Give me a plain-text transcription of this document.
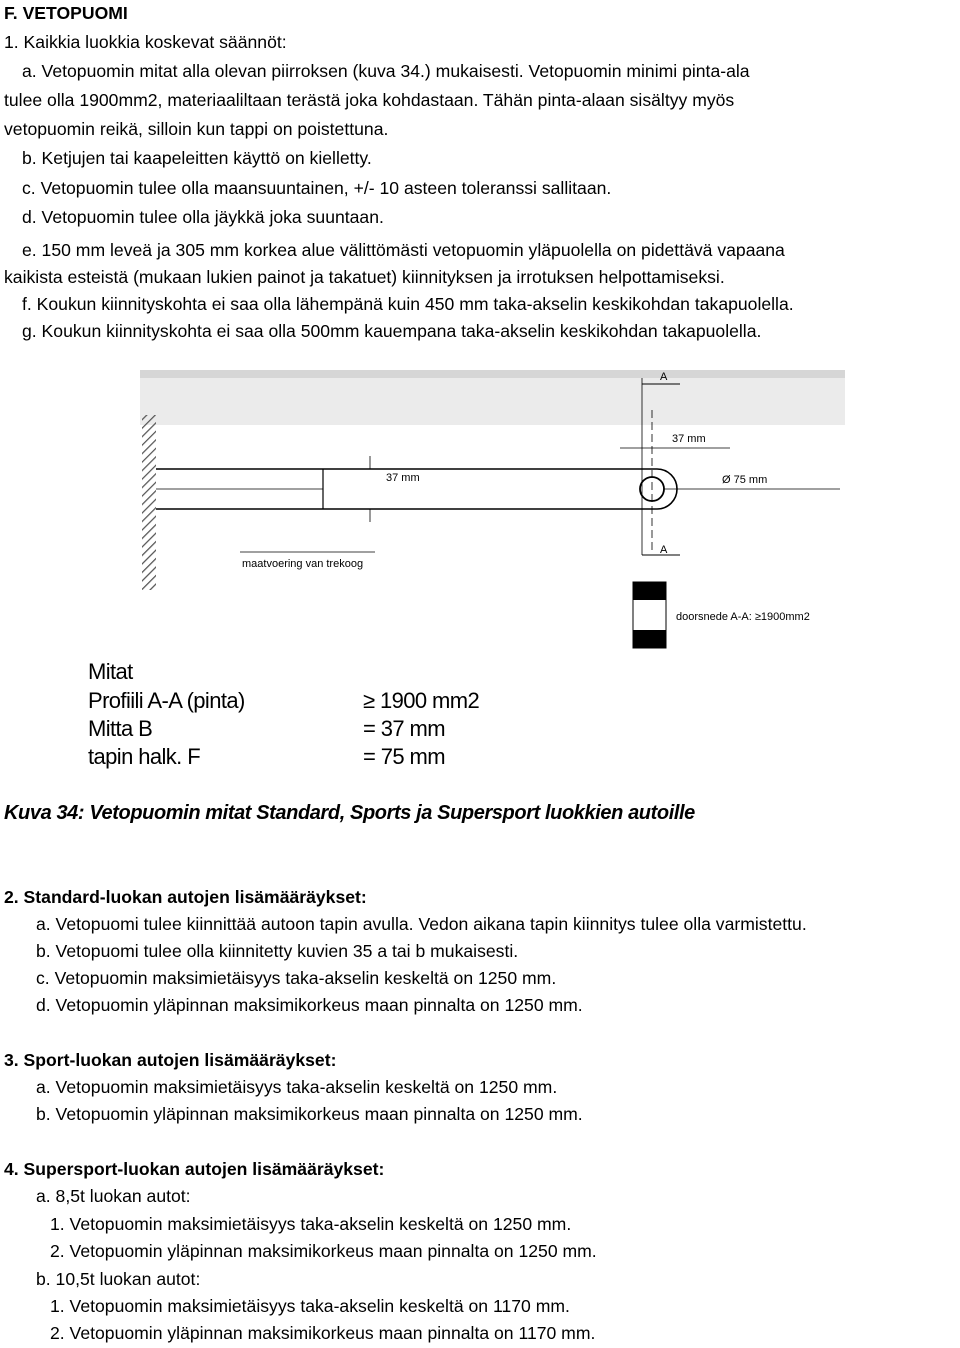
F. VETOPUOMI
1. Kaikkia luokkia koskevat säännöt:
a. Vetopuomin mitat alla olevan piirroksen (kuva 34.) mukaisesti. Vetopuomin minimi pinta-ala
tulee olla 1900mm2, materiaaliltaan terästä joka kohdastaan. Tähän pinta-alaan sisältyy myös
vetopuomin reikä, silloin kun tappi on poistettuna.
b. Ketjujen tai kaapeleitten käyttö on kielletty.
c. Vetopuomin tulee olla maansuuntainen, +/- 10 asteen toleranssi sallitaan.
d. Vetopuomin tulee olla jäykkä joka suuntaan.
e. 150 mm leveä ja 305 mm korkea alue välittömästi vetopuomin yläpuolella on pidettävä vapaana
kaikista esteistä (mukaan lukien painot ja takatuet) kiinnityksen ja irrotuksen helpottamiseksi.
f. Koukun kiinnityskohta ei saa olla lähempänä kuin 450 mm taka-akselin keskikohdan takapuolella.
g. Koukun kiinnityskohta ei saa olla 500mm kauempana taka-akselin keskikohdan takapuolella.
37 mm
A
A
37 mm
Ø 75 mm
maatvoering van trekoog
doorsnede A-A: ≥1900mm2
Mitat
Profiili A-A (pinta)	≥ 1900 mm2
Mitta B	= 37 mm
tapin halk. F	= 75 mm
Kuva 34: Vetopuomin mitat Standard, Sports ja Supersport luokkien autoille
2. Standard-luokan autojen lisämääräykset:
a. Vetopuomi tulee kiinnittää autoon tapin avulla. Vedon aikana tapin kiinnitys tulee olla varmistettu.
b. Vetopuomi tulee olla kiinnitetty kuvien 35 a tai b mukaisesti.
c. Vetopuomin maksimietäisyys taka-akselin keskeltä on 1250 mm.
d. Vetopuomin yläpinnan maksimikorkeus maan pinnalta on 1250 mm.
3. Sport-luokan autojen lisämääräykset:
a. Vetopuomin maksimietäisyys taka-akselin keskeltä on 1250 mm.
b. Vetopuomin yläpinnan maksimikorkeus maan pinnalta on 1250 mm.
4. Supersport-luokan autojen lisämääräykset:
a. 8,5t luokan autot:
1. Vetopuomin maksimietäisyys taka-akselin keskeltä on 1250 mm.
2. Vetopuomin yläpinnan maksimikorkeus maan pinnalta on 1250 mm.
b. 10,5t luokan autot:
1. Vetopuomin maksimietäisyys taka-akselin keskeltä on 1170 mm.
2. Vetopuomin yläpinnan maksimikorkeus maan pinnalta on 1170 mm.
